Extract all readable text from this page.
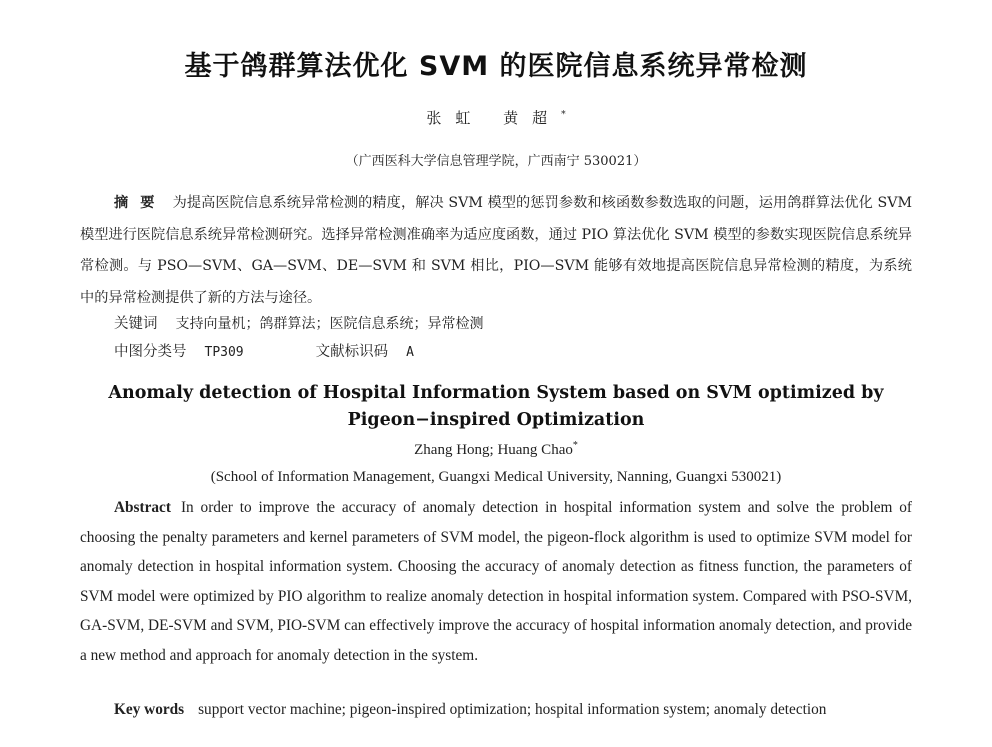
基于鸽群算法优化 SVM 的医院信息系统异常检测
张虹 黄超*
（广西医科大学信息管理学院，广西南宁 530021）

摘要 为提高医院信息系统异常检测的精度，解决 SVM 模型的惩罚参数和核函数参数选取的问题，运用鸽群算法优化 SVM 模型进行医院信息系统异常检测研究。选择异常检测准确率为适应度函数，通过 PIO 算法优化 SVM 模型的参数实现医院信息系统异常检测。与 PSO—SVM、GA—SVM、DE—SVM 和 SVM 相比，PIO—SVM 能够有效地提高医院信息异常检测的精度，为系统中的异常检测提供了新的方法与途径。

关键词 支持向量机；鸽群算法；医院信息系统；异常检测
中图分类号 TP309	文献标识码 A

Anomaly detection of Hospital Information System based on SVM optimized by Pigeon−inspired Optimization

Zhang Hong; Huang Chao*
(School of Information Management, Guangxi Medical University, Nanning, Guangxi 530021)

Abstract In order to improve the accuracy of anomaly detection in hospital information system and solve the problem of choosing the penalty parameters and kernel parameters of SVM model, the pigeon-flock algorithm is used to optimize SVM model for anomaly detection in hospital information system. Choosing the accuracy of anomaly detection as fitness function, the parameters of SVM model were optimized by PIO algorithm to realize anomaly detection in hospital information system. Compared with PSO-SVM, GA-SVM, DE-SVM and SVM, PIO-SVM can effectively improve the accuracy of hospital information anomaly detection, and provide a new method and approach for anomaly detection in the system.

Key words support vector machine; pigeon-inspired optimization; hospital information system; anomaly detection
